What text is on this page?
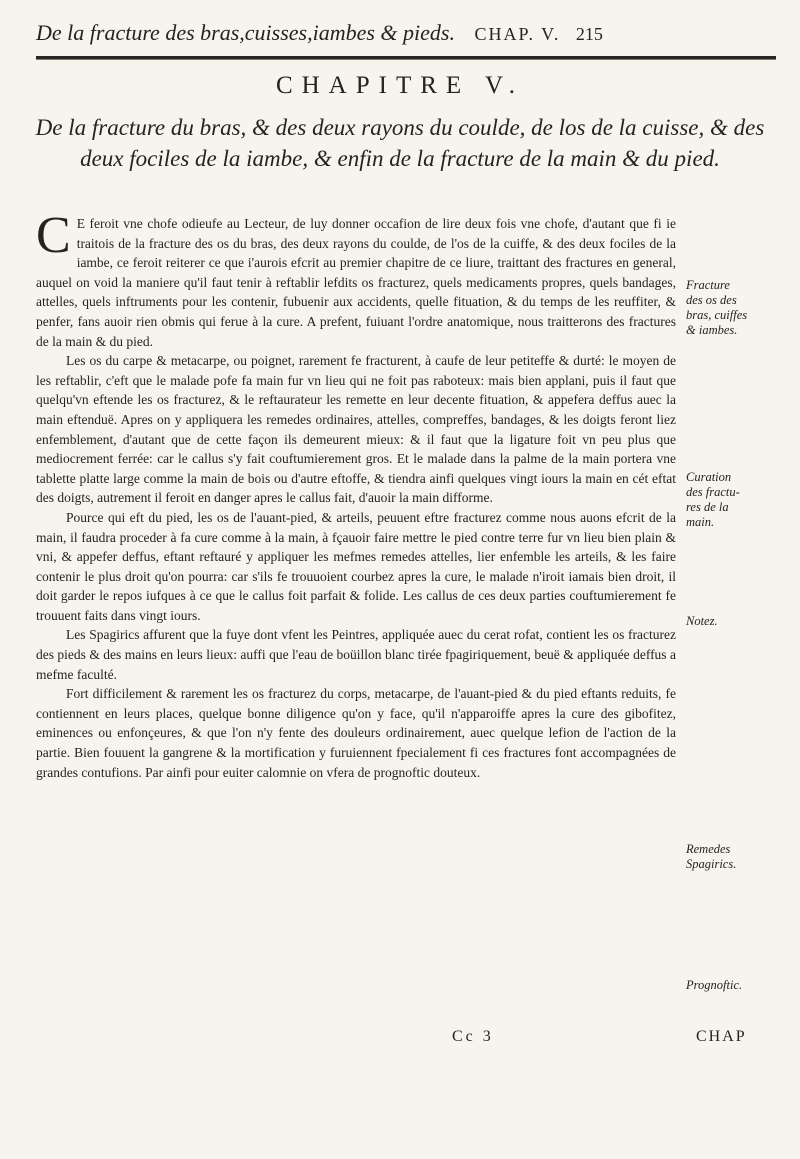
De la fracture des bras,cuisses,iambes & pieds. CHAP. V. 215
CHAPITRE V.
De la fracture du bras, & des deux rayons du coulde, de los de la cuisse, & des deux fociles de la iambe, & enfin de la fracture de la main & du pied.

C E feroit vne chofe odieufe au Lecteur, de luy donner occafion de lire deux fois vne chofe, d'autant que fi ie traitois de la fracture des os du bras, des deux rayons du coulde, de l'os de la cuiffe, & des deux fociles de la iambe, ce feroit reiterer ce que i'aurois efcrit au premier chapitre de ce liure, traittant des fractures en general, auquel on void la maniere qu'il faut tenir à reftablir lefdits os fracturez, quels medicaments propres, quels bandages, attelles, quels inftruments pour les contenir, fubuenir aux accidents, quelle fituation, & du temps de les reuffiter, & penfer, fans auoir rien obmis qui ferue à la cure. A prefent, fuiuant l'ordre anatomique, nous traitterons des fractures de la main & du pied.

Les os du carpe & metacarpe, ou poignet, rarement fe fracturent, à caufe de leur petiteffe & durté: le moyen de les reftablir, c'eft que le malade pofe fa main fur vn lieu qui ne foit pas raboteux: mais bien applani, puis il faut que quelqu'vn eftende les os fracturez, & le reftaurateur les remette en leur decente fituation, & appefera deffus auec la main eftenduë. Apres on y appliquera les remedes ordinaires, attelles, compreffes, bandages, & les doigts feront liez enfemblement, d'autant que de cette façon ils demeurent mieux: & il faut que la ligature foit vn peu plus que mediocrement ferrée: car le callus s'y fait couftumierement gros. Et le malade dans la palme de la main portera vne tablette platte large comme la main de bois ou d'autre eftoffe, & tiendra ainfi quelques vingt iours la main en cét eftat des doigts, autrement il feroit en danger apres le callus fait, d'auoir la main difforme.

Pource qui eft du pied, les os de l'auant-pied, & arteils, peuuent eftre fracturez comme nous auons efcrit de la main, il faudra proceder à fa cure comme à la main, à fçauoir faire mettre le pied contre terre fur vn lieu bien plain & vni, & appefer deffus, eftant reftauré y appliquer les mefmes remedes attelles, lier enfemble les arteils, & les faire contenir le plus droit qu'on pourra: car s'ils fe trouuoient courbez apres la cure, le malade n'iroit iamais bien droit, il doit garder le repos iufques à ce que le callus foit parfait & folide. Les callus de ces deux parties couftumierement fe trouuent faits dans vingt iours.

Les Spagirics affurent que la fuye dont vfent les Peintres, appliquée auec du cerat rofat, contient les os fracturez des pieds & des mains en leurs lieux: auffi que l'eau de boüillon blanc tirée fpagiriquement, beuë & appliquée deffus a mefme faculté.

Fort difficilement & rarement les os fracturez du corps, metacarpe, de l'auant-pied & du pied eftants reduits, fe contiennent en leurs places, quelque bonne diligence qu'on y face, qu'il n'apparoiffe apres la cure des gibofitez, eminences ou enfonçeures, & que l'on n'y fente des douleurs ordinairement, auec quelque lefion de l'action de la partie. Bien fouuent la gangrene & la mortification y furuiennent fpecialement fi ces fractures font accompagnées de grandes contufions. Par ainfi pour euiter calomnie on vfera de prognoftic douteux.

Fracture
des os des
bras, cuiffes
& iambes.
Curation
des fractu-
res de la
main.
Notez.
Remedes
Spagirics.
Prognoftic.
Cc 3	CHAP
